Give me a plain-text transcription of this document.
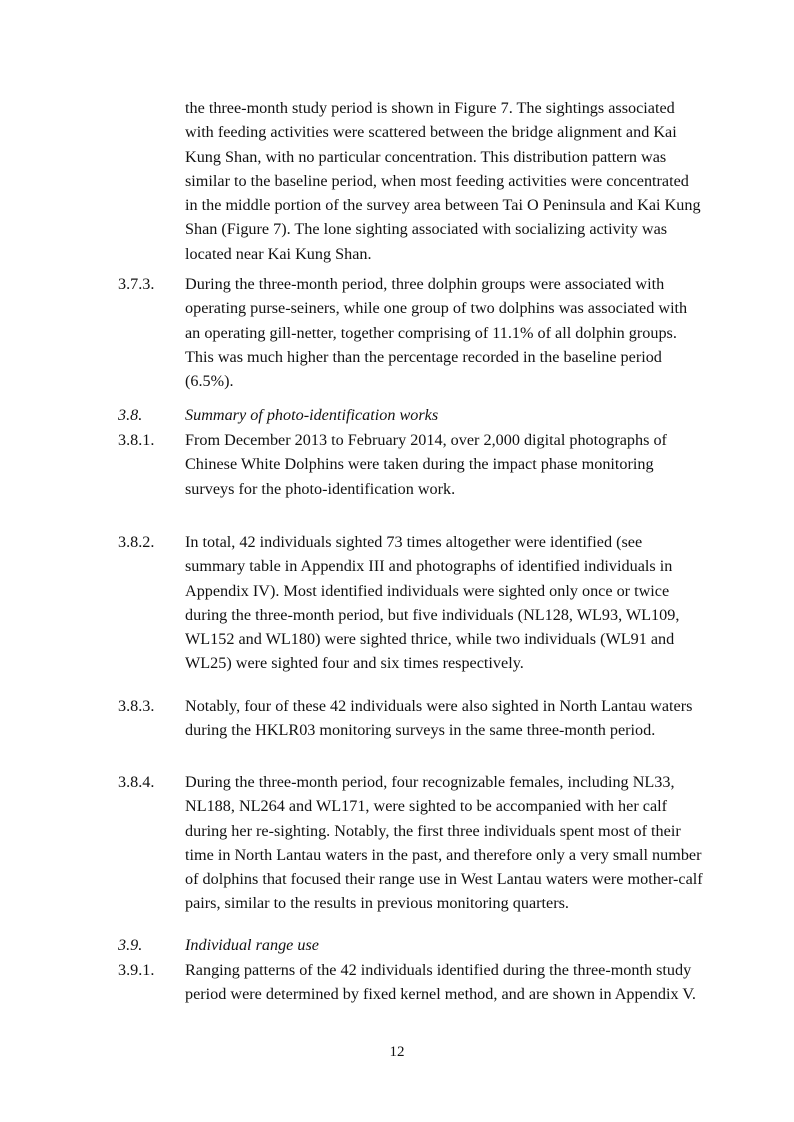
the three-month study period is shown in Figure 7. The sightings associated
with feeding activities were scattered between the bridge alignment and Kai
Kung Shan, with no particular concentration. This distribution pattern was
similar to the baseline period, when most feeding activities were concentrated
in the middle portion of the survey area between Tai O Peninsula and Kai Kung
Shan (Figure 7). The lone sighting associated with socializing activity was
located near Kai Kung Shan.
3.7.3.	During the three-month period, three dolphin groups were associated with
operating purse-seiners, while one group of two dolphins was associated with
an operating gill-netter, together comprising of 11.1% of all dolphin groups.
This was much higher than the percentage recorded in the baseline period
(6.5%).
3.8.	Summary of photo-identification works
3.8.1.	From December 2013 to February 2014, over 2,000 digital photographs of
Chinese White Dolphins were taken during the impact phase monitoring
surveys for the photo-identification work.
3.8.2.	In total, 42 individuals sighted 73 times altogether were identified (see
summary table in Appendix III and photographs of identified individuals in
Appendix IV). Most identified individuals were sighted only once or twice
during the three-month period, but five individuals (NL128, WL93, WL109,
WL152 and WL180) were sighted thrice, while two individuals (WL91 and
WL25) were sighted four and six times respectively.
3.8.3.	Notably, four of these 42 individuals were also sighted in North Lantau waters
during the HKLR03 monitoring surveys in the same three-month period.
3.8.4.	During the three-month period, four recognizable females, including NL33,
NL188, NL264 and WL171, were sighted to be accompanied with her calf
during her re-sighting. Notably, the first three individuals spent most of their
time in North Lantau waters in the past, and therefore only a very small number
of dolphins that focused their range use in West Lantau waters were mother-calf
pairs, similar to the results in previous monitoring quarters.
3.9.	Individual range use
3.9.1.	Ranging patterns of the 42 individuals identified during the three-month study
period were determined by fixed kernel method, and are shown in Appendix V.
12
